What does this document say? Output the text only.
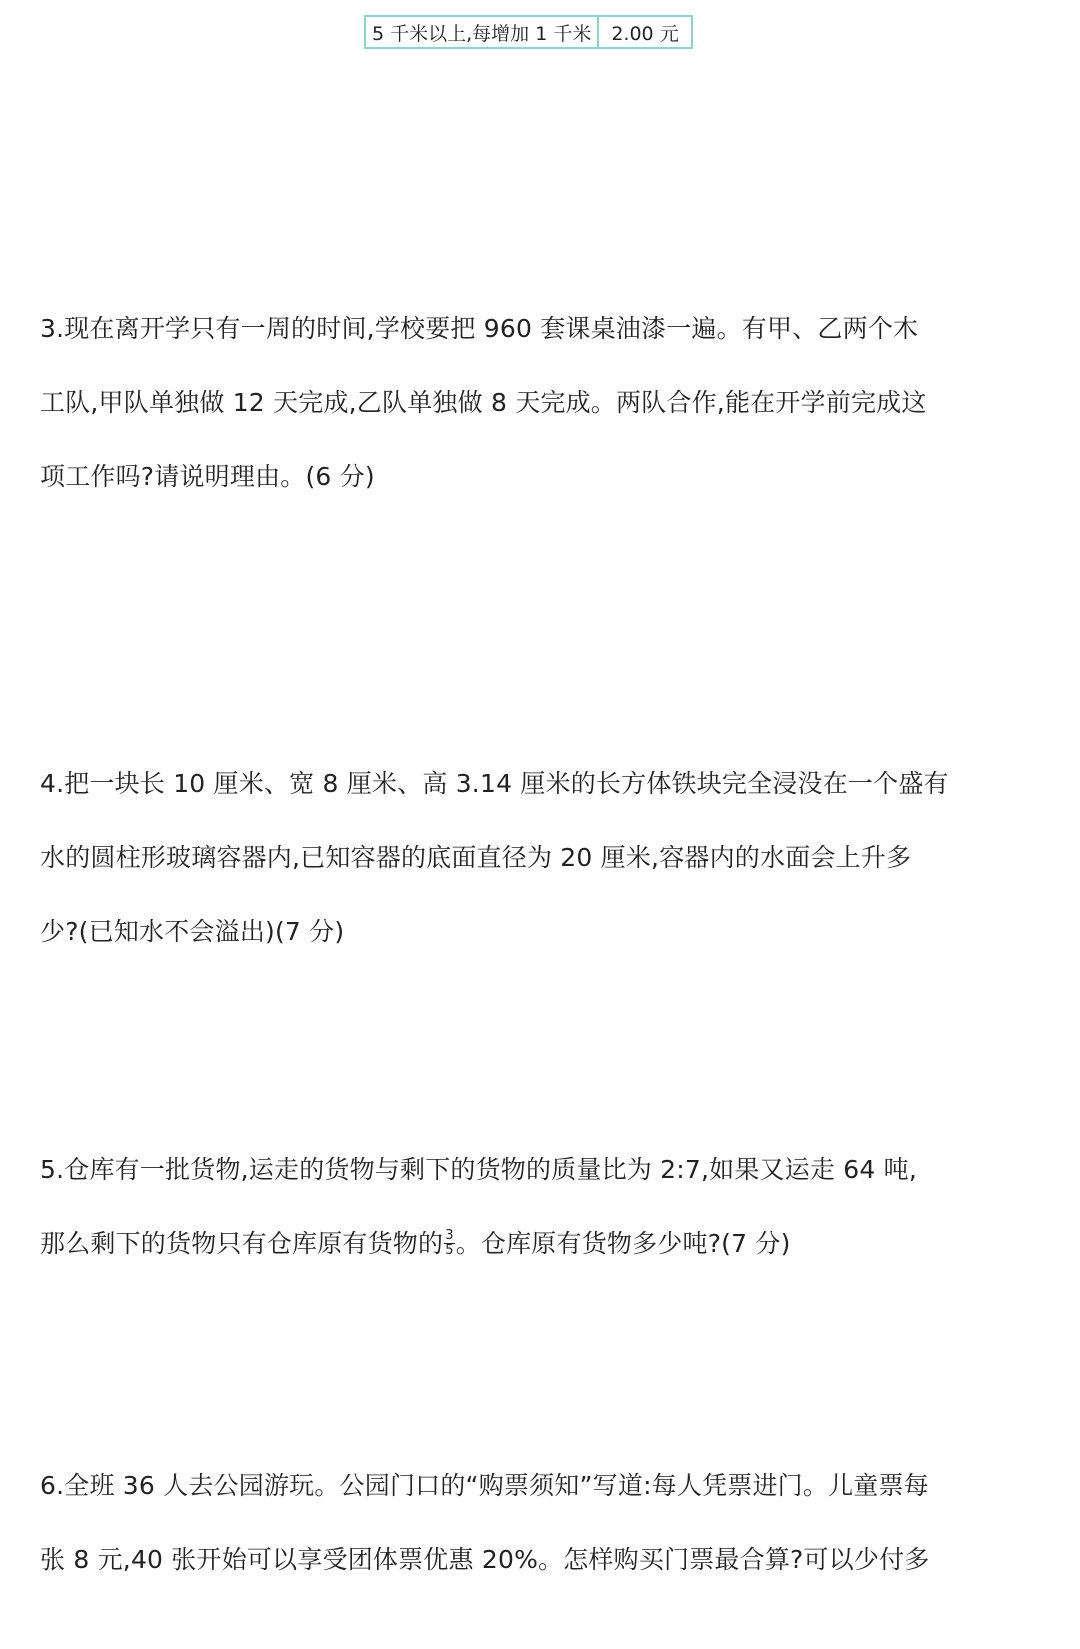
5 千米以上,每增加 1 千米	2.00 元
3.现在离开学只有一周的时间,学校要把 960 套课桌油漆一遍。有甲、乙两个木
工队,甲队单独做 12 天完成,乙队单独做 8 天完成。两队合作,能在开学前完成这
项工作吗?请说明理由。(6 分)
4.把一块长 10 厘米、宽 8 厘米、高 3.14 厘米的长方体铁块完全浸没在一个盛有
水的圆柱形玻璃容器内,已知容器的底面直径为 20 厘米,容器内的水面会上升多
少?(已知水不会溢出)(7 分)
5.仓库有一批货物,运走的货物与剩下的货物的质量比为 2:7,如果又运走 64 吨,
那么剩下的货物只有仓库原有货物的 $\frac{3}{5}$ 。仓库原有货物多少吨?(7 分)
6.全班 36 人去公园游玩。公园门口的“购票须知”写道:每人凭票进门。儿童票每
张 8 元,40 张开始可以享受团体票优惠 20%。怎样购买门票最合算?可以少付多
